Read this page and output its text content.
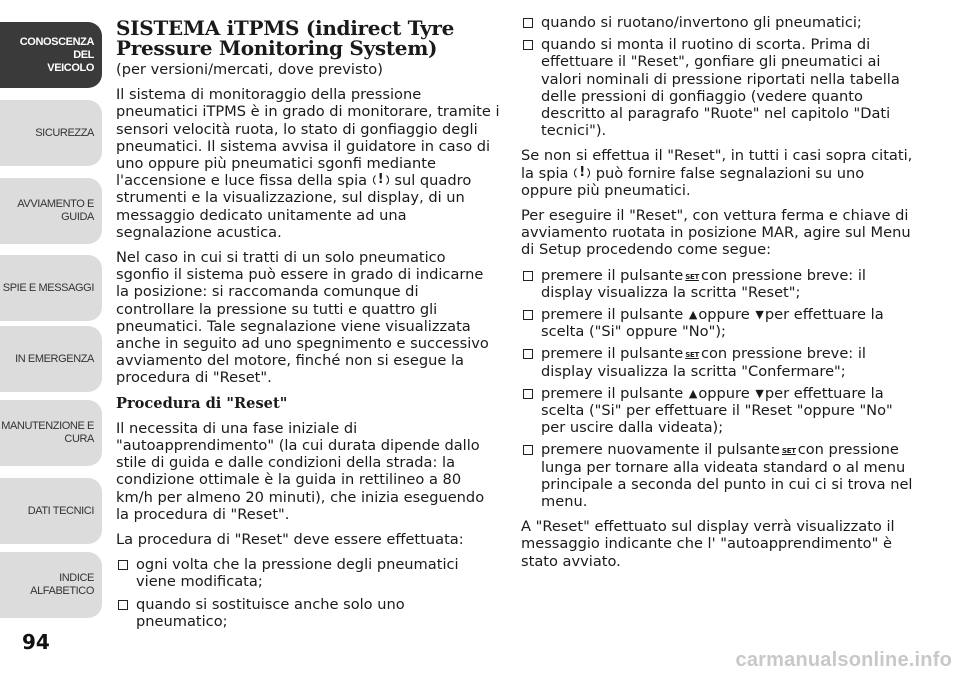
CONOSCENZA DEL
VEICOLO
SICUREZZA
AVVIAMENTO E
GUIDA
SPIE E MESSAGGI
IN EMERGENZA
MANUTENZIONE E
CURA
DATI TECNICI
INDICE ALFABETICO
94
SISTEMA iTPMS (indirect Tyre Pressure Monitoring System)
(per versioni/mercati, dove previsto)

Il sistema di monitoraggio della pressione pneumatici iTPMS è in grado di monitorare, tramite i sensori velocità ruota, lo stato di gonfiaggio degli pneumatici. Il sistema avvisa il guidatore in caso di uno oppure più pneumatici sgonfi mediante l'accensione e luce fissa della spia ! sul quadro strumenti e la visualizzazione, sul display, di un messaggio dedicato unitamente ad una segnalazione acustica.

Nel caso in cui si tratti di un solo pneumatico sgonfio il sistema può essere in grado di indicarne la posizione: si raccomanda comunque di controllare la pressione su tutti e quattro gli pneumatici. Tale segnalazione viene visualizzata anche in seguito ad uno spegnimento e successivo avviamento del motore, finché non si esegue la procedura di "Reset".

Procedura di "Reset"

Il necessita di una fase iniziale di "autoapprendimento" (la cui durata dipende dallo stile di guida e dalle condizioni della strada: la condizione ottimale è la guida in rettilineo a 80 km/h per almeno 20 minuti), che inizia eseguendo la procedura di "Reset".

La procedura di "Reset" deve essere effettuata:

ogni volta che la pressione degli pneumatici viene modificata;
quando si sostituisce anche solo uno pneumatico;
quando si ruotano/invertono gli pneumatici;
quando si monta il ruotino di scorta. Prima di effettuare il "Reset", gonfiare gli pneumatici ai valori nominali di pressione riportati nella tabella delle pressioni di gonfiaggio (vedere quanto descritto al paragrafo "Ruote" nel capitolo "Dati tecnici").

Se non si effettua il "Reset", in tutti i casi sopra citati, la spia ! può fornire false segnalazioni su uno oppure più pneumatici.

Per eseguire il "Reset", con vettura ferma e chiave di avviamento ruotata in posizione MAR, agire sul Menu di Setup procedendo come segue:

premere il pulsante SET con pressione breve: il display visualizza la scritta "Reset";
premere il pulsante ▲oppure ▼per effettuare la scelta ("Si" oppure "No");
premere il pulsante SET con pressione breve: il display visualizza la scritta "Confermare";
premere il pulsante ▲oppure ▼per effettuare la scelta ("Si" per effettuare il "Reset "oppure "No" per uscire dalla videata);
premere nuovamente il pulsante SET con pressione lunga per tornare alla videata standard o al menu principale a seconda del punto in cui ci si trova nel menu.

A "Reset" effettuato sul display verrà visualizzato il messaggio indicante che l' "autoapprendimento" è stato avviato.

carmanualsonline.info
